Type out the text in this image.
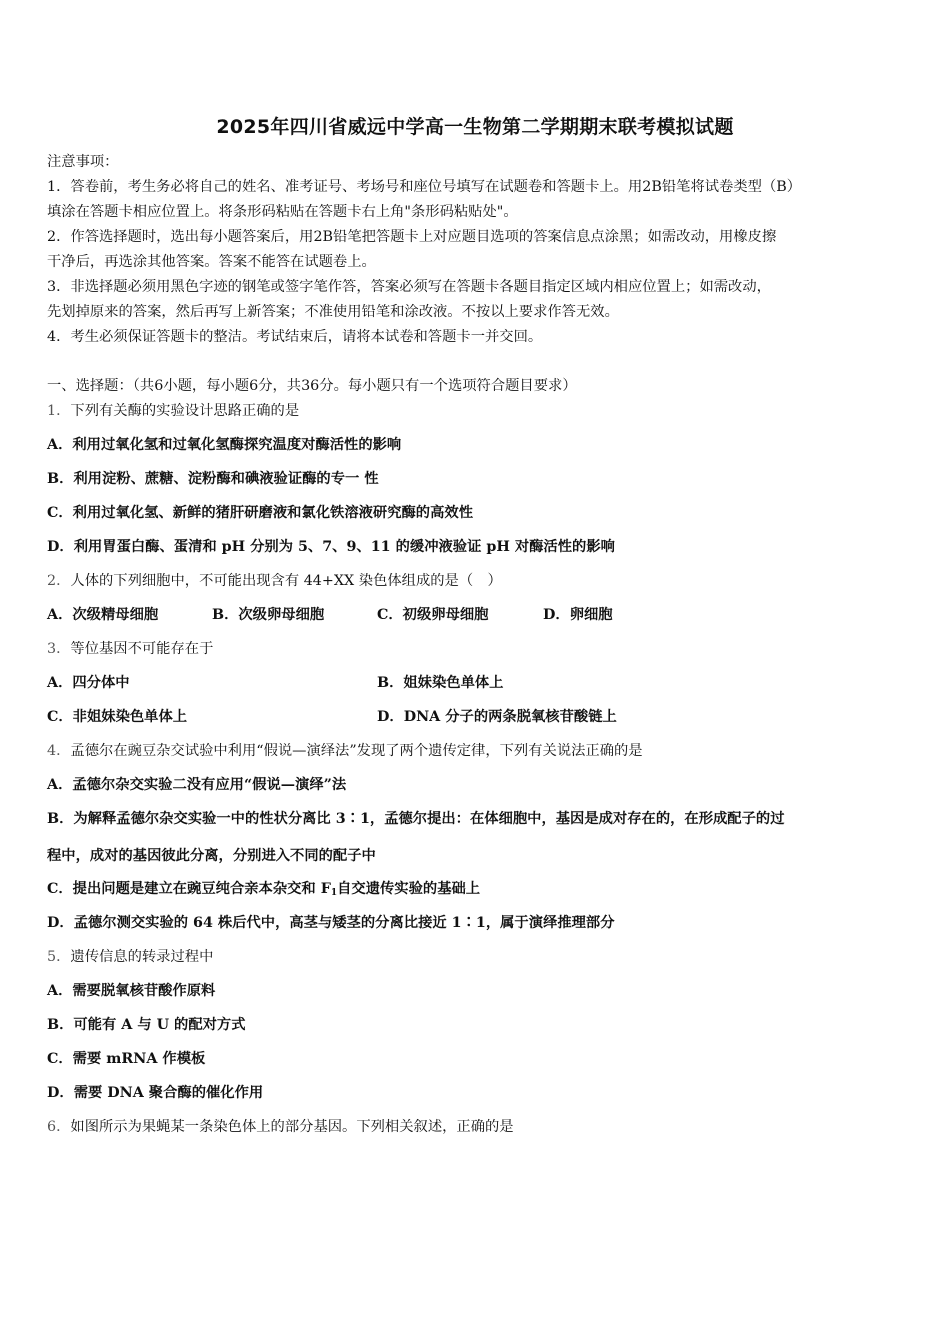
2025年四川省威远中学高一生物第二学期期末联考模拟试题
注意事项：
1．答卷前，考生务必将自己的姓名、准考证号、考场号和座位号填写在试题卷和答题卡上。用2B铅笔将试卷类型（B）
填涂在答题卡相应位置上。将条形码粘贴在答题卡右上角"条形码粘贴处"。
2．作答选择题时，选出每小题答案后，用2B铅笔把答题卡上对应题目选项的答案信息点涂黑；如需改动，用橡皮擦
干净后，再选涂其他答案。答案不能答在试题卷上。
3．非选择题必须用黑色字迹的钢笔或签字笔作答，答案必须写在答题卡各题目指定区域内相应位置上；如需改动，
先划掉原来的答案，然后再写上新答案；不准使用铅笔和涂改液。不按以上要求作答无效。
4．考生必须保证答题卡的整洁。考试结束后，请将本试卷和答题卡一并交回。
一、选择题：（共6小题，每小题6分，共36分。每小题只有一个选项符合题目要求）
1．下列有关酶的实验设计思路正确的是
A．利用过氧化氢和过氧化氢酶探究温度对酶活性的影响
B．利用淀粉、蔗糖、淀粉酶和碘液验证酶的专一 性
C．利用过氧化氢、新鲜的猪肝研磨液和氯化铁溶液研究酶的高效性
D．利用胃蛋白酶、蛋清和 pH 分别为 5、7、9、11 的缓冲液验证 pH 对酶活性的影响
2．人体的下列细胞中，不可能出现含有 44+XX 染色体组成的是（　）
A．次级精母细胞	B．次级卵母细胞	C．初级卵母细胞	D．卵细胞
3．等位基因不可能存在于
A．四分体中	B．姐妹染色单体上
C．非姐妹染色单体上	D．DNA 分子的两条脱氧核苷酸链上
4．孟德尔在豌豆杂交试验中利用“假说—演绎法”发现了两个遗传定律，下列有关说法正确的是
A．孟德尔杂交实验二没有应用“假说—演绎”法
B．为解释孟德尔杂交实验一中的性状分离比 3∶1，孟德尔提出：在体细胞中，基因是成对存在的，在形成配子的过
程中，成对的基因彼此分离，分别进入不同的配子中
C．提出问题是建立在豌豆纯合亲本杂交和 $F_1$自交遗传实验的基础上
D．孟德尔测交实验的 64 株后代中，高茎与矮茎的分离比接近 1∶1，属于演绎推理部分
5．遗传信息的转录过程中
A．需要脱氧核苷酸作原料
B．可能有 A 与 U 的配对方式
C．需要 mRNA 作模板
D．需要 DNA 聚合酶的催化作用
6．如图所示为果蝇某一条染色体上的部分基因。下列相关叙述，正确的是
